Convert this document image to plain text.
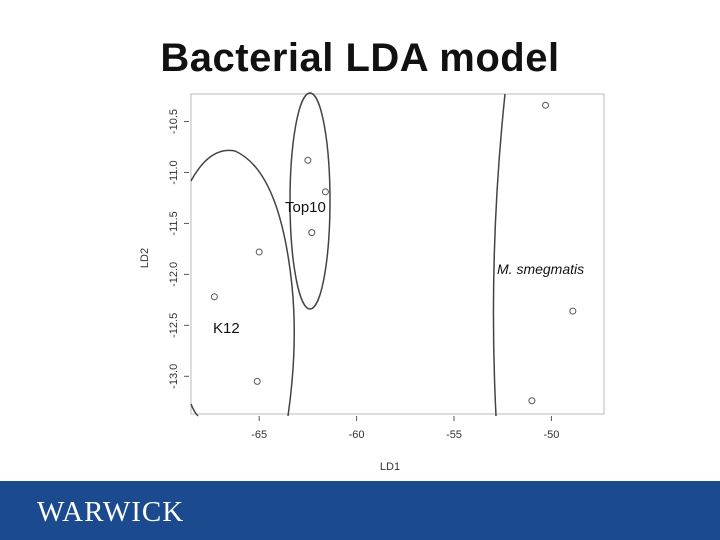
Bacterial LDA model
-65	-60	-55	-50
-10.5
-11.0
-11.5
-12.0
-12.5
-13.0
LD1
LD2
Top10
M. smegmatis
K12
WARWICK
